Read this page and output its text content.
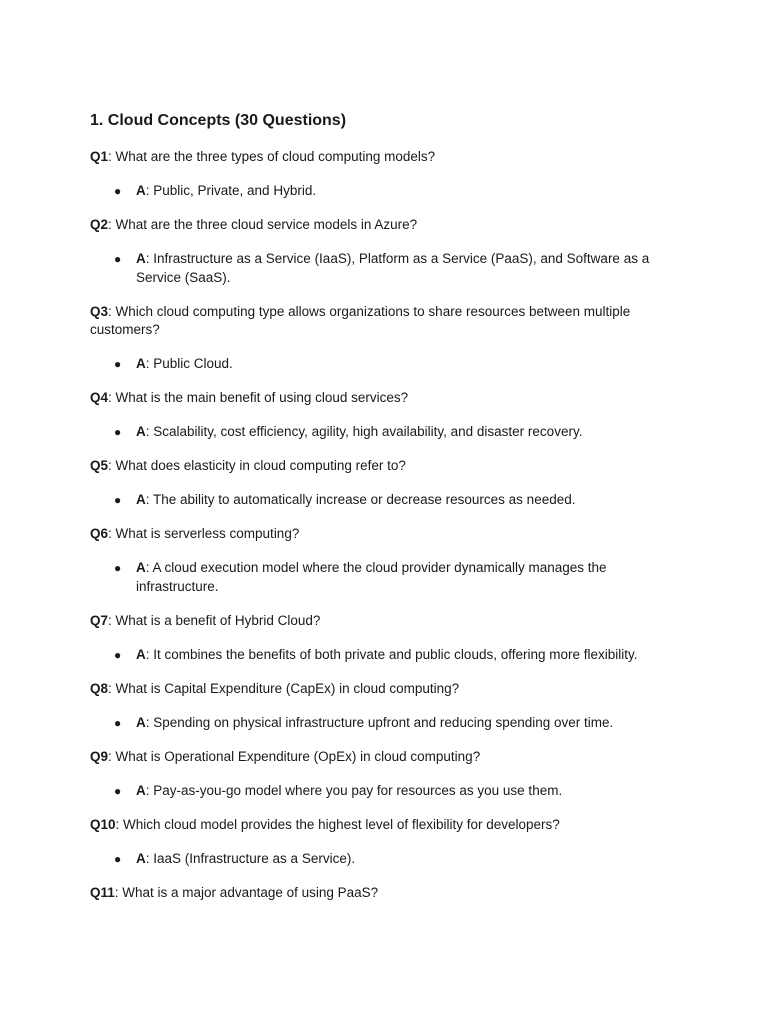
1. Cloud Concepts (30 Questions)

Q1: What are the three types of cloud computing models?

● A: Public, Private, and Hybrid.

Q2: What are the three cloud service models in Azure?

● A: Infrastructure as a Service (IaaS), Platform as a Service (PaaS), and Software as a Service (SaaS).

Q3: Which cloud computing type allows organizations to share resources between multiple customers?

● A: Public Cloud.

Q4: What is the main benefit of using cloud services?

● A: Scalability, cost efficiency, agility, high availability, and disaster recovery.

Q5: What does elasticity in cloud computing refer to?

● A: The ability to automatically increase or decrease resources as needed.

Q6: What is serverless computing?

● A: A cloud execution model where the cloud provider dynamically manages the infrastructure.

Q7: What is a benefit of Hybrid Cloud?

● A: It combines the benefits of both private and public clouds, offering more flexibility.

Q8: What is Capital Expenditure (CapEx) in cloud computing?

● A: Spending on physical infrastructure upfront and reducing spending over time.

Q9: What is Operational Expenditure (OpEx) in cloud computing?

● A: Pay-as-you-go model where you pay for resources as you use them.

Q10: Which cloud model provides the highest level of flexibility for developers?

● A: IaaS (Infrastructure as a Service).

Q11: What is a major advantage of using PaaS?
